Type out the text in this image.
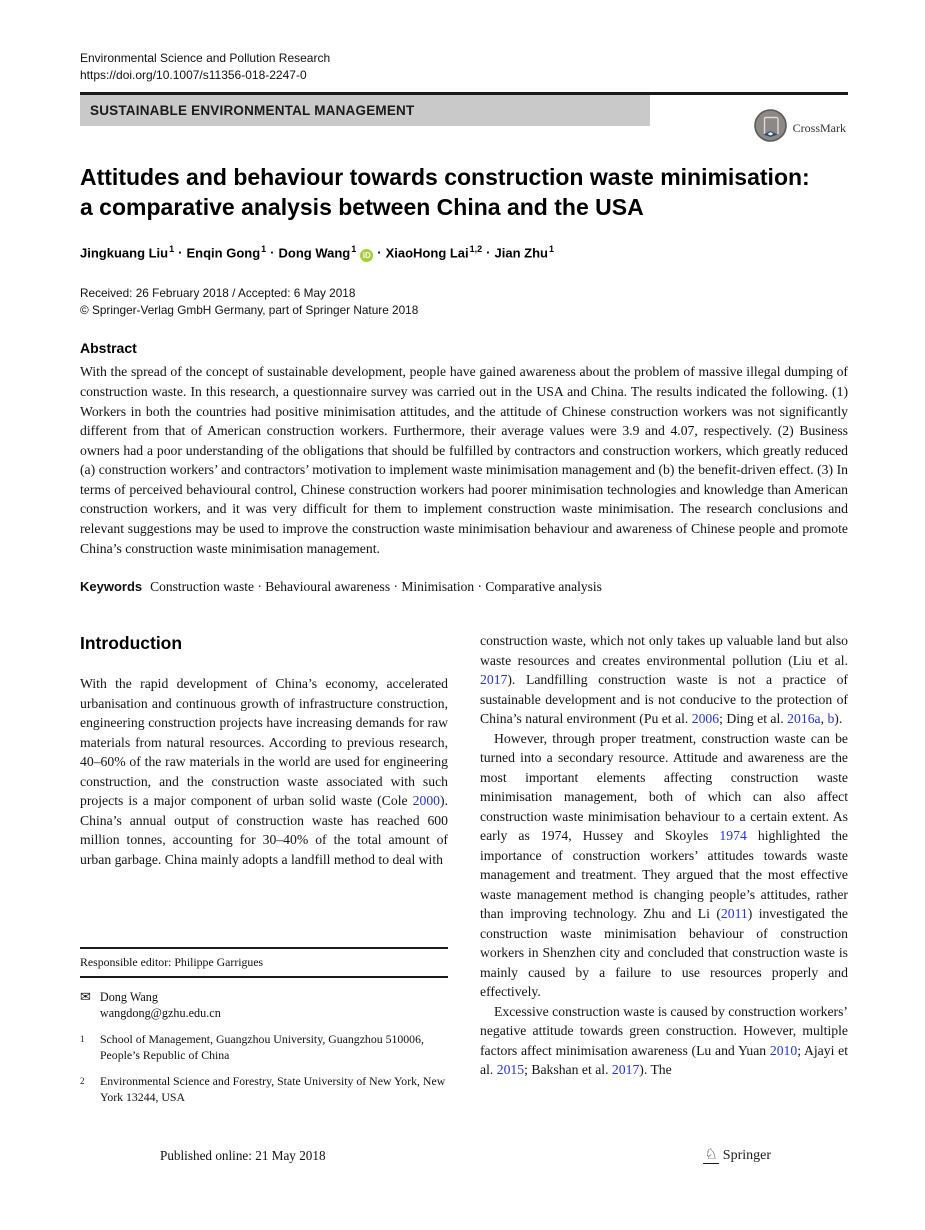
Environmental Science and Pollution Research
https://doi.org/10.1007/s11356-018-2247-0
SUSTAINABLE ENVIRONMENTAL MANAGEMENT
CrossMark
Attitudes and behaviour towards construction waste minimisation:
a comparative analysis between China and the USA
Jingkuang Liu$^1$ · Enqin Gong$^1$ · Dong Wang$^1$iD · XiaoHong Lai$^{1,2}$ · Jian Zhu$^1$
Received: 26 February 2018 / Accepted: 6 May 2018
© Springer-Verlag GmbH Germany, part of Springer Nature 2018
Abstract

With the spread of the concept of sustainable development, people have gained awareness about the problem of massive illegal dumping of construction waste. In this research, a questionnaire survey was carried out in the USA and China. The results indicated the following. (1) Workers in both the countries had positive minimisation attitudes, and the attitude of Chinese construction workers was not significantly different from that of American construction workers. Furthermore, their average values were 3.9 and 4.07, respectively. (2) Business owners had a poor understanding of the obligations that should be fulfilled by contractors and construction workers, which greatly reduced (a) construction workers’ and contractors’ motivation to implement waste minimisation management and (b) the benefit-driven effect. (3) In terms of perceived behavioural control, Chinese construction workers had poorer minimisation technologies and knowledge than American construction workers, and it was very difficult for them to implement construction waste minimisation. The research conclusions and relevant suggestions may be used to improve the construction waste minimisation behaviour and awareness of Chinese people and promote China’s construction waste minimisation management.

Keywords Construction waste · Behavioural awareness · Minimisation · Comparative analysis
Introduction

With the rapid development of China’s economy, accelerated urbanisation and continuous growth of infrastructure construction, engineering construction projects have increasing demands for raw materials from natural resources. According to previous research, 40–60% of the raw materials in the world are used for engineering construction, and the construction waste associated with such projects is a major component of urban solid waste (Cole 2000). China’s annual output of construction waste has reached 600 million tonnes, accounting for 30–40% of the total amount of urban garbage. China mainly adopts a landfill method to deal with

Responsible editor: Philippe Garrigues
✉ Dong Wang
wangdong@gzhu.edu.cn
1	School of Management, Guangzhou University, Guangzhou 510006, People’s Republic of China
2	Environmental Science and Forestry, State University of New York, New York 13244, USA

construction waste, which not only takes up valuable land but also waste resources and creates environmental pollution (Liu et al. 2017). Landfilling construction waste is not a practice of sustainable development and is not conducive to the protection of China’s natural environment (Pu et al. 2006; Ding et al. 2016a, b).

However, through proper treatment, construction waste can be turned into a secondary resource. Attitude and awareness are the most important elements affecting construction waste minimisation management, both of which can also affect construction waste minimisation behaviour to a certain extent. As early as 1974, Hussey and Skoyles 1974 highlighted the importance of construction workers’ attitudes towards waste management and treatment. They argued that the most effective waste management method is changing people’s attitudes, rather than improving technology. Zhu and Li (2011) investigated the construction waste minimisation behaviour of construction workers in Shenzhen city and concluded that construction waste is mainly caused by a failure to use resources properly and effectively.

Excessive construction waste is caused by construction workers’ negative attitude towards green construction. However, multiple factors affect minimisation awareness (Lu and Yuan 2010; Ajayi et al. 2015; Bakshan et al. 2017). The

Published online: 21 May 2018	♘ Springer
